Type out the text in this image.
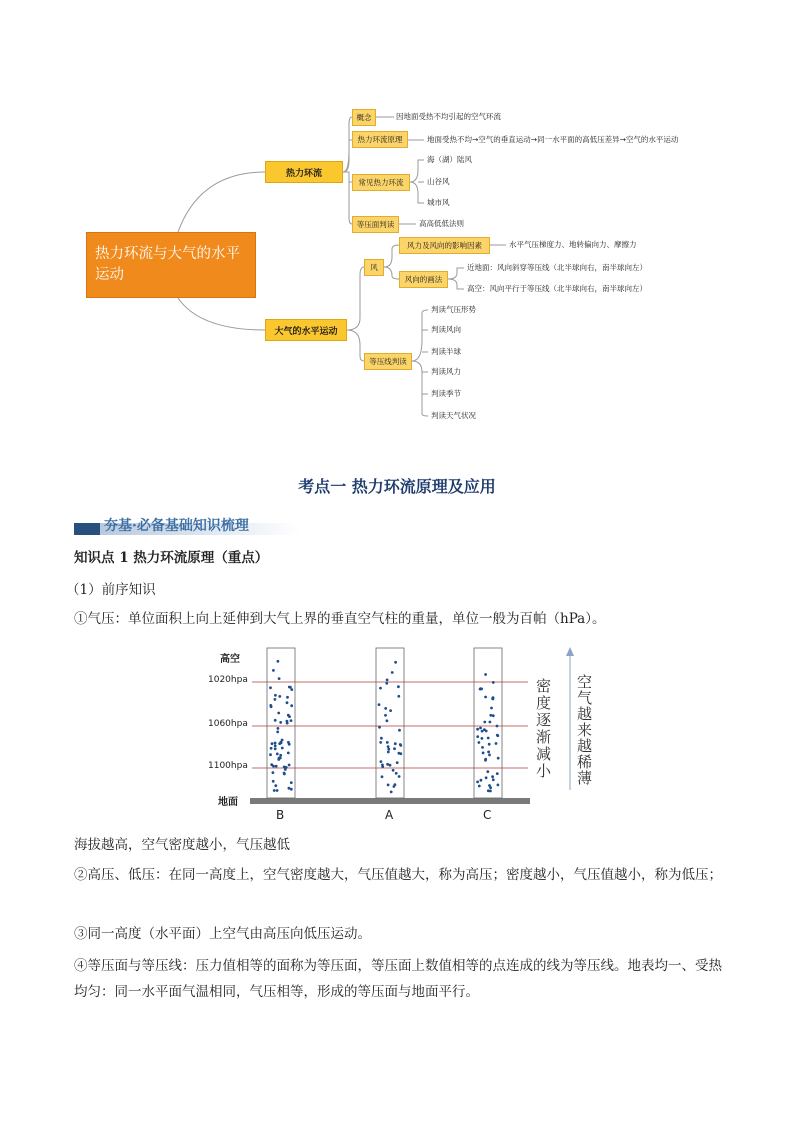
热力环流与大气的水平运动
热力环流
大气的水平运动
概念	因地面受热不均引起的空气环流
热力环流原理	地面受热不均→空气的垂直运动→同一水平面的高低压差异→空气的水平运动
常见热力环流
海（湖）陆风
山谷风
城市风
等压面判读	高高低低法则
风
风力及风向的影响因素	水平气压梯度力、地转偏向力、摩擦力
风向的画法
近地面：风向斜穿等压线（北半球向右，南半球向左）
高空：风向平行于等压线（北半球向右，南半球向左）
等压线判读
判读气压形势
判读风向
判读半球
判读风力
判读季节
判读天气状况
考点一 热力环流原理及应用
夯基·必备基础知识梳理
知识点 1 热力环流原理（重点）
（1）前序知识
①气压：单位面积上向上延伸到大气上界的垂直空气柱的重量，单位一般为百帕（hPa）。
高空
1020hpa
1060hpa
1100hpa
地面
B	A	C
密度逐渐减小
空气越来越稀薄
海拔越高，空气密度越小，气压越低
②高压、低压：在同一高度上，空气密度越大，气压值越大，称为高压；密度越小，气压值越小，称为低压；
③同一高度（水平面）上空气由高压向低压运动。
④等压面与等压线：压力值相等的面称为等压面，等压面上数值相等的点连成的线为等压线。地表均一、受热均匀：同一水平面气温相同，气压相等，形成的等压面与地面平行。
